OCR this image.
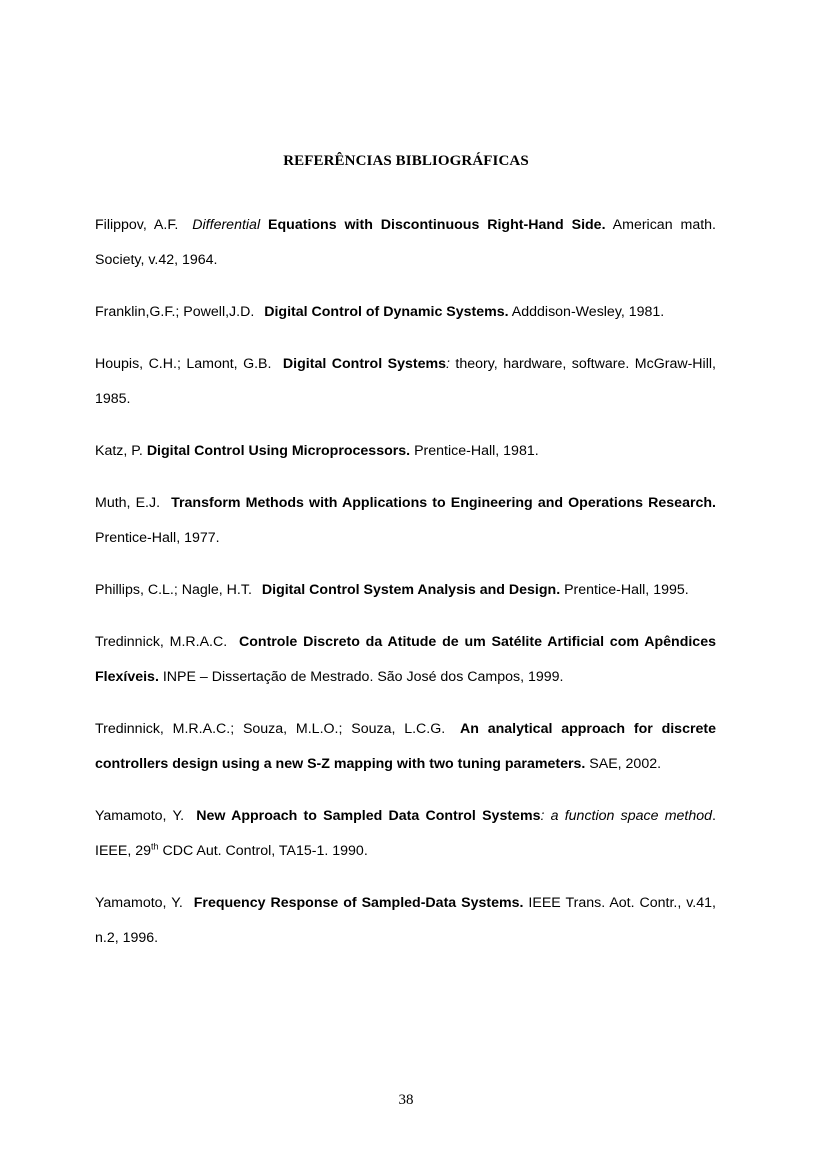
REFERÊNCIAS BIBLIOGRÁFICAS

Filippov, A.F. Differential Equations with Discontinuous Right-Hand Side. American math. Society, v.42, 1964.

Franklin,G.F.; Powell,J.D. Digital Control of Dynamic Systems. Adddison-Wesley, 1981.

Houpis, C.H.; Lamont, G.B. Digital Control Systems: theory, hardware, software. McGraw-Hill, 1985.

Katz, P. Digital Control Using Microprocessors. Prentice-Hall, 1981.

Muth, E.J. Transform Methods with Applications to Engineering and Operations Research. Prentice-Hall, 1977.

Phillips, C.L.; Nagle, H.T. Digital Control System Analysis and Design. Prentice-Hall, 1995.

Tredinnick, M.R.A.C. Controle Discreto da Atitude de um Satélite Artificial com Apêndices Flexíveis. INPE – Dissertação de Mestrado. São José dos Campos, 1999.

Tredinnick, M.R.A.C.; Souza, M.L.O.; Souza, L.C.G. An analytical approach for discrete controllers design using a new S-Z mapping with two tuning parameters. SAE, 2002.

Yamamoto, Y. New Approach to Sampled Data Control Systems: a function space method. IEEE, 29th CDC Aut. Control, TA15-1. 1990.

Yamamoto, Y. Frequency Response of Sampled-Data Systems. IEEE Trans. Aot. Contr., v.41, n.2, 1996.

38
